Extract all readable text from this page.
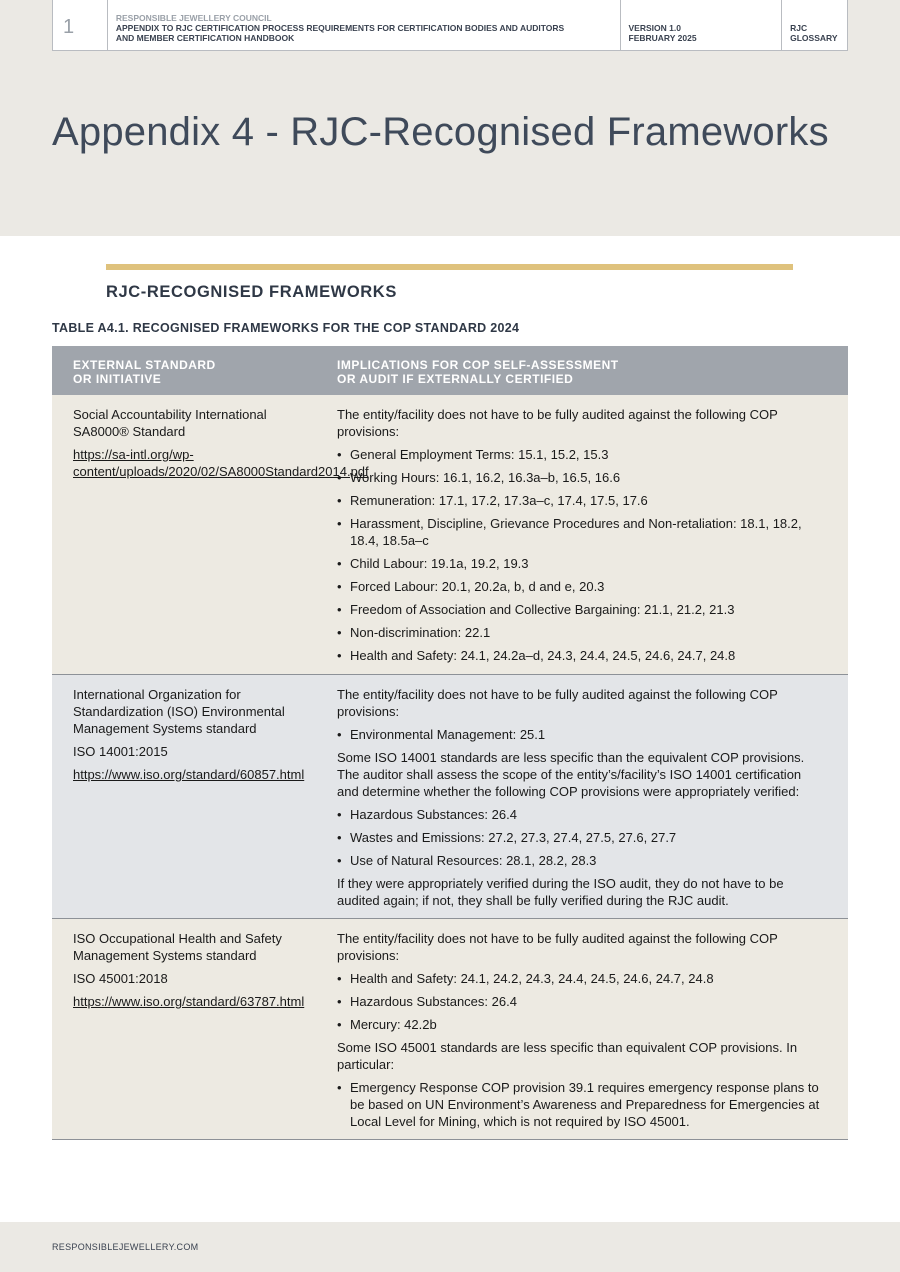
1	RESPONSIBLE JEWELLERY COUNCIL
APPENDIX TO RJC CERTIFICATION PROCESS REQUIREMENTS FOR CERTIFICATION BODIES AND AUDITORS
AND MEMBER CERTIFICATION HANDBOOK
VERSION 1.0
FEBRUARY 2025
RJC
GLOSSARY
Appendix 4 - RJC-Recognised Frameworks
RJC-RECOGNISED FRAMEWORKS
TABLE A4.1. RECOGNISED FRAMEWORKS FOR THE COP STANDARD 2024
EXTERNAL STANDARD
OR INITIATIVE
IMPLICATIONS FOR COP SELF-ASSESSMENT
OR AUDIT IF EXTERNALLY CERTIFIED

Social Accountability International SA8000® Standard

https://sa-intl.org/wp-content/uploads/2020/02/SA8000Standard2014.pdf

The entity/facility does not have to be fully audited against the following COP provisions:

• General Employment Terms: 15.1, 15.2, 15.3
• Working Hours: 16.1, 16.2, 16.3a–b, 16.5, 16.6
• Remuneration: 17.1, 17.2, 17.3a–c, 17.4, 17.5, 17.6
• Harassment, Discipline, Grievance Procedures and Non-retaliation: 18.1, 18.2, 18.4, 18.5a–c
• Child Labour: 19.1a, 19.2, 19.3
• Forced Labour: 20.1, 20.2a, b, d and e, 20.3
• Freedom of Association and Collective Bargaining: 21.1, 21.2, 21.3
• Non-discrimination: 22.1
• Health and Safety: 24.1, 24.2a–d, 24.3, 24.4, 24.5, 24.6, 24.7, 24.8

International Organization for Standardization (ISO) Environmental Management Systems standard

ISO 14001:2015

https://www.iso.org/standard/60857.html

The entity/facility does not have to be fully audited against the following COP provisions:

• Environmental Management: 25.1

Some ISO 14001 standards are less specific than the equivalent COP provisions. The auditor shall assess the scope of the entity’s/facility’s ISO 14001 certification and determine whether the following COP provisions were appropriately verified:

• Hazardous Substances: 26.4
• Wastes and Emissions: 27.2, 27.3, 27.4, 27.5, 27.6, 27.7
• Use of Natural Resources: 28.1, 28.2, 28.3

If they were appropriately verified during the ISO audit, they do not have to be audited again; if not, they shall be fully verified during the RJC audit.

ISO Occupational Health and Safety Management Systems standard

ISO 45001:2018

https://www.iso.org/standard/63787.html

The entity/facility does not have to be fully audited against the following COP provisions:

• Health and Safety: 24.1, 24.2, 24.3, 24.4, 24.5, 24.6, 24.7, 24.8
• Hazardous Substances: 26.4
• Mercury: 42.2b

Some ISO 45001 standards are less specific than equivalent COP provisions. In particular:

• Emergency Response COP provision 39.1 requires emergency response plans to be based on UN Environment’s Awareness and Preparedness for Emergencies at Local Level for Mining, which is not required by ISO 45001.
RESPONSIBLEJEWELLERY.COM
